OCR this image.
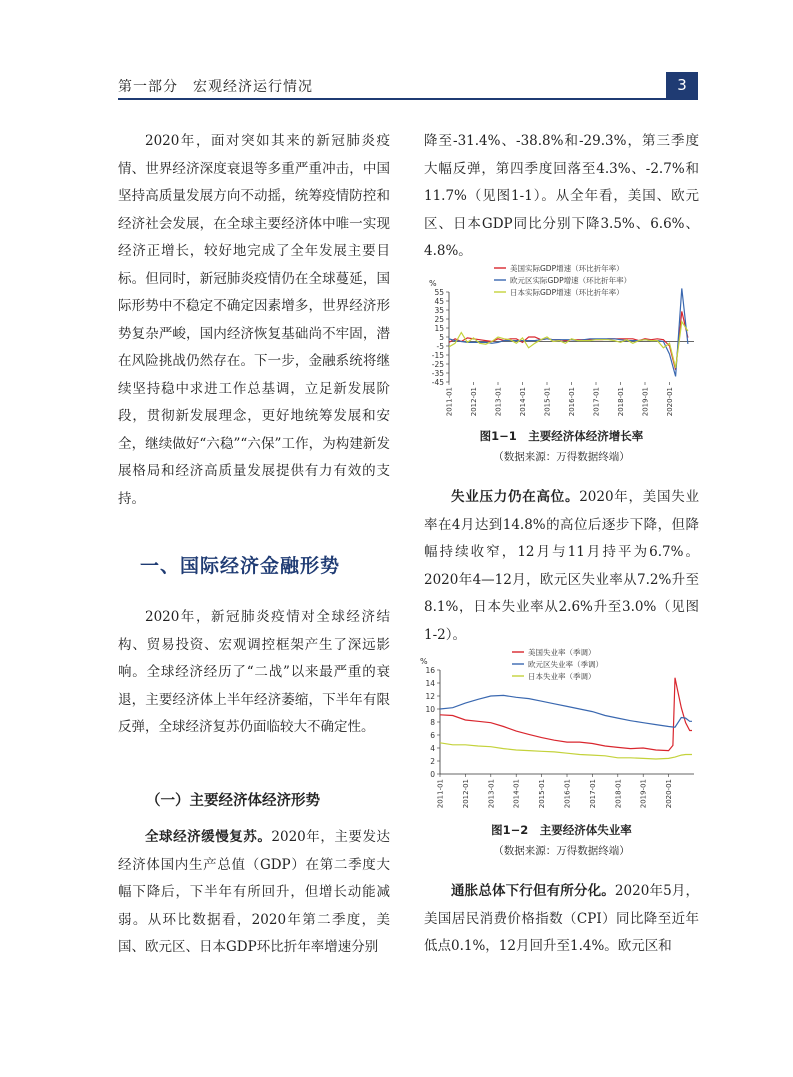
第一部分　宏观经济运行情况	3

2020年，面对突如其来的新冠肺炎疫情、世界经济深度衰退等多重严重冲击，中国坚持高质量发展方向不动摇，统筹疫情防控和经济社会发展，在全球主要经济体中唯一实现经济正增长，较好地完成了全年发展主要目标。但同时，新冠肺炎疫情仍在全球蔓延，国际形势中不稳定不确定因素增多，世界经济形势复杂严峻，国内经济恢复基础尚不牢固，潜在风险挑战仍然存在。下一步，金融系统将继续坚持稳中求进工作总基调，立足新发展阶段，贯彻新发展理念，更好地统筹发展和安全，继续做好“六稳”“六保”工作，为构建新发展格局和经济高质量发展提供有力有效的支持。

一、国际经济金融形势

2020年，新冠肺炎疫情对全球经济结构、贸易投资、宏观调控框架产生了深远影响。全球经济经历了“二战”以来最严重的衰退，主要经济体上半年经济萎缩，下半年有限反弹，全球经济复苏仍面临较大不确定性。

（一）主要经济体经济形势

全球经济缓慢复苏。2020年，主要发达经济体国内生产总值（GDP）在第二季度大幅下降后，下半年有所回升，但增长动能减弱。从环比数据看，2020年第二季度，美国、欧元区、日本GDP环比折年率增速分别

降至-31.4%、-38.8%和-29.3%，第三季度大幅反弹，第四季度回落至4.3%、-2.7%和11.7%（见图1-1）。从全年看，美国、欧元区、日本GDP同比分别下降3.5%、6.6%、4.8%。

%
55
45
35
25
15
5
-5
-15
-25
-35
-45
2011-01 2012-01 2013-01 2014-01 2015-01 2016-01 2017-01 2018-01 2019-01 2020-01
美国实际GDP增速（环比折年率）
欧元区实际GDP增速（环比折年率）
日本实际GDP增速（环比折年率）
图1−1　主要经济体经济增长率
（数据来源：万得数据终端）

失业压力仍在高位。2020年，美国失业率在4月达到14.8%的高位后逐步下降，但降幅持续收窄，12月与11月持平为6.7%。2020年4—12月，欧元区失业率从7.2%升至8.1%，日本失业率从2.6%升至3.0%（见图1-2）。

%
0
2
4
6
8
10
12
14
16
2011-01 2012-01 2013-01 2014-01 2015-01 2016-01 2017-01 2018-01 2019-01 2020-01
美国失业率（季调）
欧元区失业率（季调）
日本失业率（季调）
图1−2　主要经济体失业率
（数据来源：万得数据终端）

通胀总体下行但有所分化。2020年5月，美国居民消费价格指数（CPI）同比降至近年低点0.1%，12月回升至1.4%。欧元区和
